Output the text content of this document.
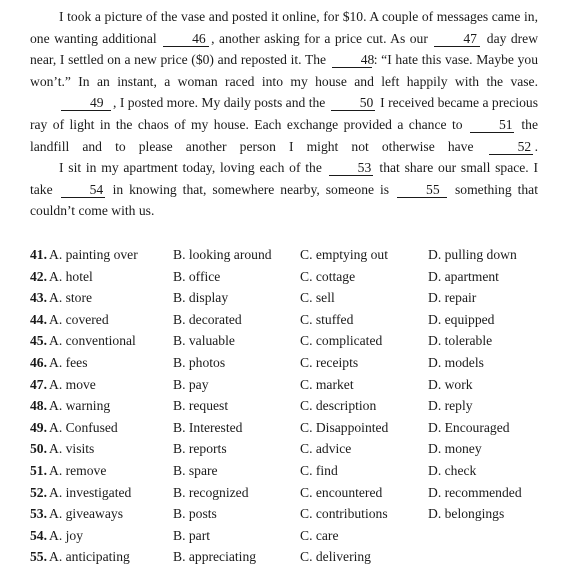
I took a picture of the vase and posted it online, for $10. A couple of messages came in, one wanting additional	46 , another asking for a price cut. As our	47 day drew near, I settled on a new price ($0) and reposted it. The	48: “I hate this vase. Maybe you won’t.” In an instant, a woman raced into my house and left happily with the vase.

49 , I posted more. My daily posts and the	50 I received became a precious ray of light in the chaos of my house. Each exchange provided a chance to	51 the landfill and to please another person I might not otherwise have	52 .

I sit in my apartment today, loving each of the	53 that share our small space. I take	54 in knowing that, somewhere nearby, someone is	55 something that couldn’t come with us.

41. A. painting over	B. looking around	C. emptying out	D. pulling down
42. A. hotel	B. office	C. cottage	D. apartment
43. A. store	B. display	C. sell	D. repair
44. A. covered	B. decorated	C. stuffed	D. equipped
45. A. conventional	B. valuable	C. complicated	D. tolerable
46. A. fees	B. photos	C. receipts	D. models
47. A. move	B. pay	C. market	D. work
48. A. warning	B. request	C. description	D. reply
49. A. Confused	B. Interested	C. Disappointed	D. Encouraged
50. A. visits	B. reports	C. advice	D. money
51. A. remove	B. spare	C. find	D. check
52. A. investigated	B. recognized	C. encountered	D. recommended
53. A. giveaways	B. posts	C. contributions	D. belongings
54. A. joy	B. part	C. care
55. A. anticipating	B. appreciating	C. delivering
